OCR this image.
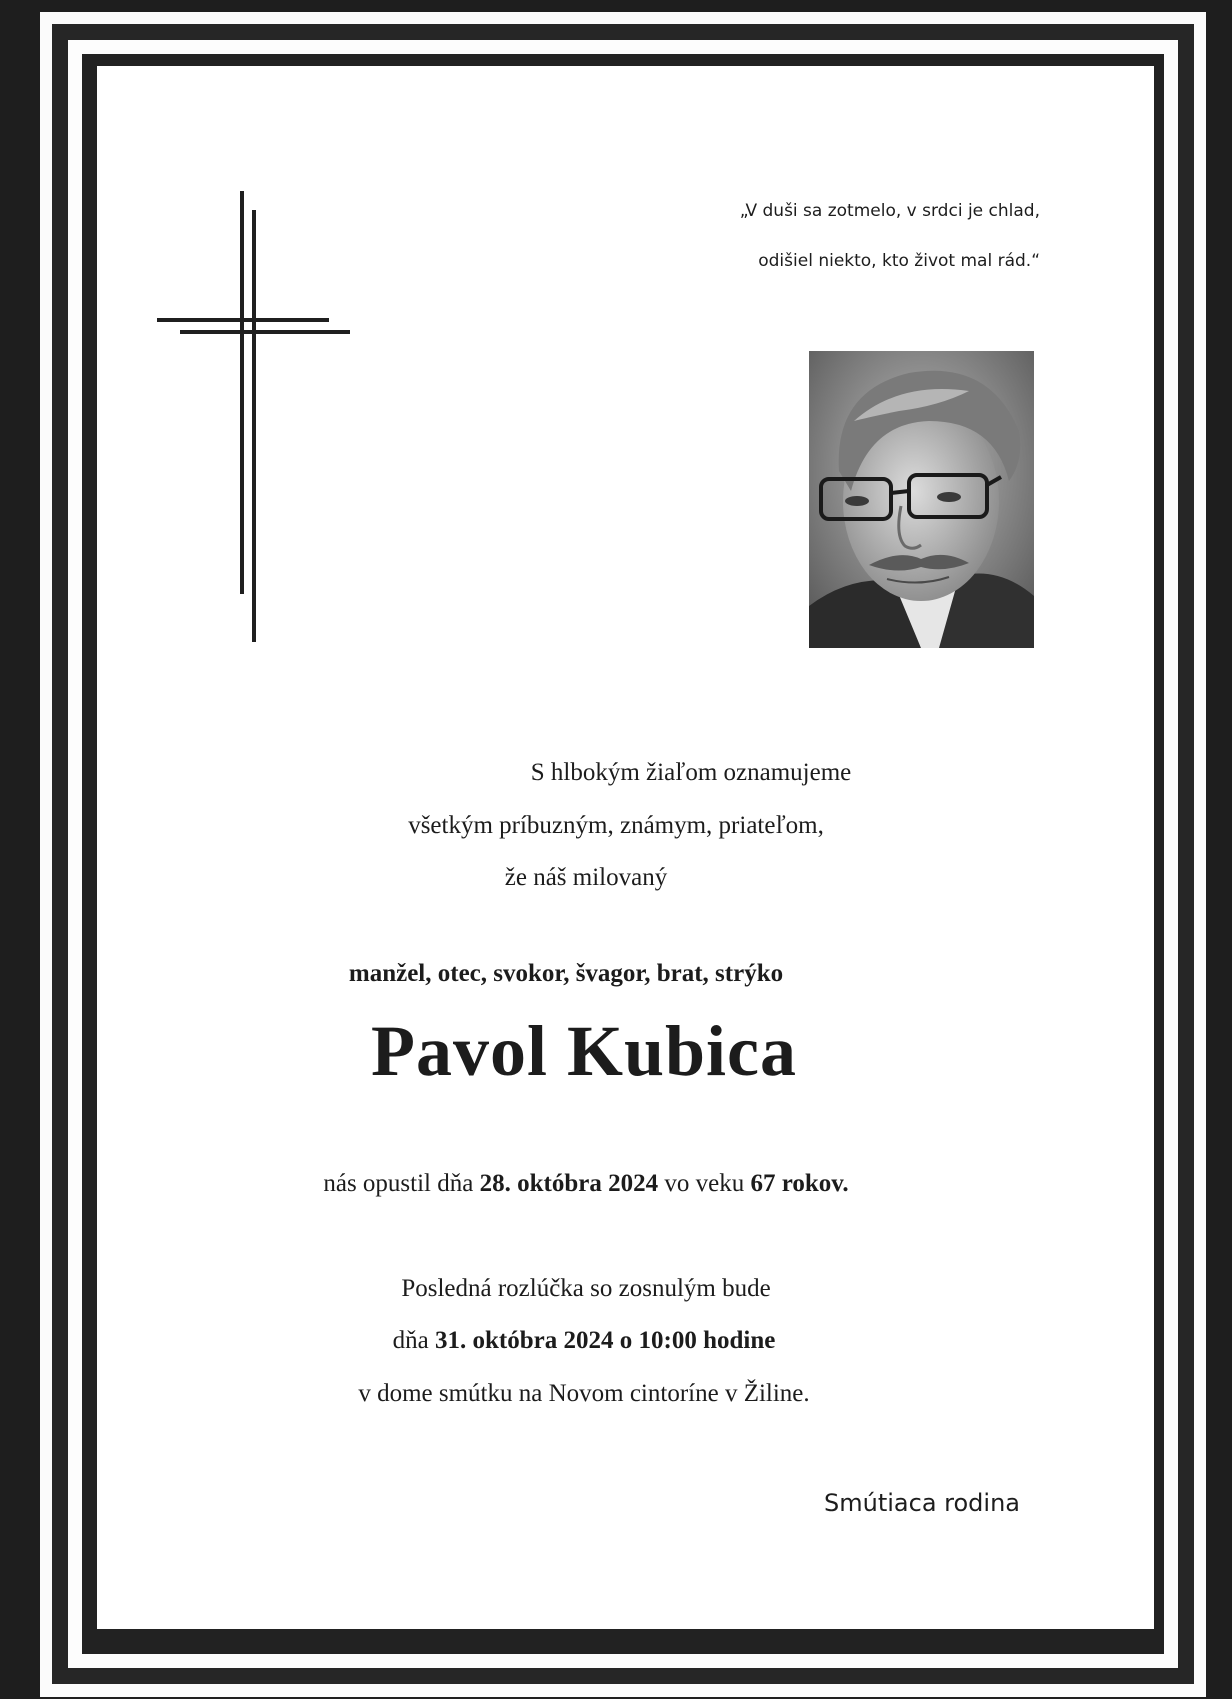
„V duši sa zotmelo, v srdci je chlad,
odišiel niekto, kto život mal rád.“
S hlbokým žiaľom oznamujeme
všetkým príbuzným, známym, priateľom,
že náš milovaný
manžel, otec, svokor, švagor, brat, strýko
Pavol Kubica
nás opustil dňa 28. októbra 2024 vo veku 67 rokov.
Posledná rozlúčka so zosnulým bude
dňa 31. októbra 2024 o 10:00 hodine
v dome smútku na Novom cintoríne v Žiline.
Smútiaca rodina
